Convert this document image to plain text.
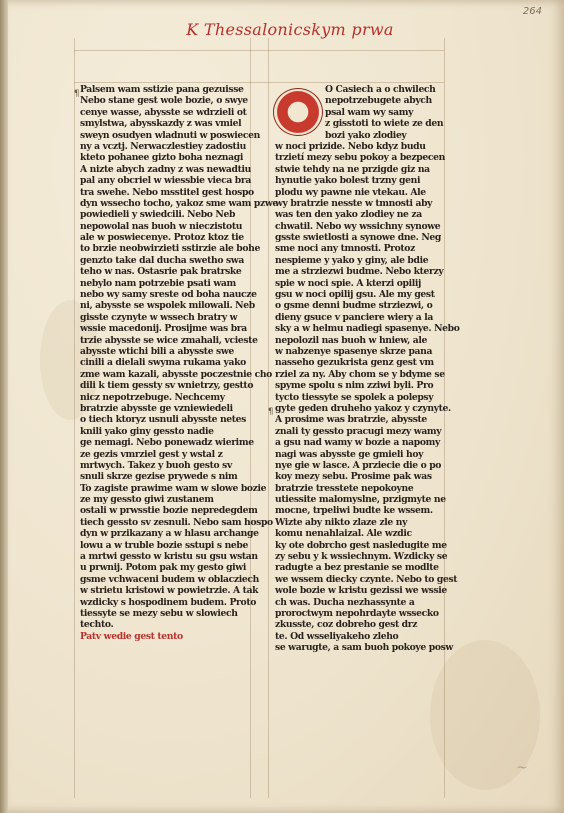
264
K Thessalonicskym prwa
Palsem wam sstizie pana gezuisse
Nebo stane gest wole bozie, o swye
cenye wasse, abysste se wdrzieli ot
smylstwa, abysskazdy z was vmiel
sweyn osudyen wladnuti w poswiecen
ny a vcztj. Nerwaczlestiey zadostiu
kteto pohanee gizto boha neznagi
A nizte abych zadny z was newadtiu
pal any obcriel w wiessbie vieca bra
tra swehe. Nebo msstitel gest hospo
dyn wssecho tocho, yakoz sme wam pzwe
powiedieli y swiedcili. Nebo Neb
nepowolal nas buoh w nieczistotu
ale w poswiecenye. Protoz ktoz tie
to brzie neobwirzieti sstirzie ale bohe
genzto take dal ducha swetho swa
teho w nas. Ostasrie pak bratrske
nebylo nam potrzebie psati wam
nebo wy samy sreste od boha naucze
ni, abysste se wspolek milowali. Neb
gisste czynyte w wssech bratry w
wssie macedonij. Prosijme was bra
trzie abysste se wice zmahali, vcieste
abysste wtichi bili a abysste swe
cinili a dielali swyma rukama yako
zme wam kazali, abysste poczestnie cho
dili k tiem gessty sv wnietrzy, gestto
nicz nepotrzebuge. Nechcemy
bratrzie abysste ge vzniewiedeli
o tiech ktoryz usnuli abysste netes
knili yako giny gessto nadie
ge nemagi. Nebo ponewadz wierime
ze gezis vmrziel gest y wstal z
mrtwych. Takez y buoh gesto sv
snuli skrze gezise prywede s nim
To zagiste prawime wam w slowe bozie
ze my gessto giwi zustanem
ostali w prwsstie bozie nepredegdem
tiech gessto sv zesnuli. Nebo sam hospo
dyn w przikazany a w hlasu archange
lowu a w truble bozie sstupi s nebe
a mrtwi gessto w kristu su gsu wstan
u prwnij. Potom pak my gesto giwi
gsme vchwaceni budem w oblacziech
w strietu kristowi w powietrzie. A tak
wzdicky s hospodinem budem. Proto
tiessyte se mezy sebu w slowiech
techto.
Patv wedie gest tento
O Casiech a o chwilech
nepotrzebugete abych
psal wam wy samy
z gisstoti to wiete ze den
bozi yako zlodiey
w noci prizide. Nebo kdyz budu
trzietí mezy sebu pokoy a bezpecen
stwie tehdy na ne przigde giz na
hynutie yako bolest trzny geni
plodu wy pawne nie vtekau. Ale
wy bratrzie nesste w tmnosti aby
was ten den yako zlodiey ne za
chwatil. Nebo wy wssichny synowe
gsste swietlosti a synowe dne. Neg
sme noci any tmnosti. Protoz
nespieme y yako y giny, ale bdie
me a strziezwi budme. Nebo kterzy
spie w noci spie. A kterzi opilij
gsu w noci opilij gsu. Ale my gest
o gsme denni budme strziezwi, o
dieny gsuce v panciere wiery a la
sky a w helmu nadiegi spasenye. Nebo
nepolozil nas buoh w hniew, ale
w nabzenye spasenye skrze pana
nasseho gezukrista genz gest vm
rziel za ny. Aby chom se y bdyme se
spyme spolu s nim zziwi byli. Pro
tycto tiessyte se spolek a polepsy
gyte geden druheho yakoz y czynyte.
A prosime was bratrzie, abysste
znali ty gessto pracugi mezy wamy
a gsu nad wamy w bozie a napomy
nagi was abysste ge gmieli hoy
nye gie w lasce. A prziecie die o po
koy mezy sebu. Prosime pak was
bratrzie tresstete nepokoyne
utiessite malomyslne, przigmyte ne
mocne, trpeliwi budte ke wssem.
Wizte aby nikto zlaze zle ny
komu nenahlaizal. Ale wzdic
ky ote dobrcho gest nasledugite me
zy sebu y k wssiechnym. Wzdicky se
radugte a bez prestanie se modlte
we wssem diecky czynte. Nebo to gest
wole bozie w kristu gezissi we wssie
ch was. Ducha nezhassynte a
proroctwym nepohrdayte wssecko
zkusste, coz dobreho gest drz
te. Od wsseliyakeho zleho
se warugte, a sam buoh pokoye posw
¶
¶
~
